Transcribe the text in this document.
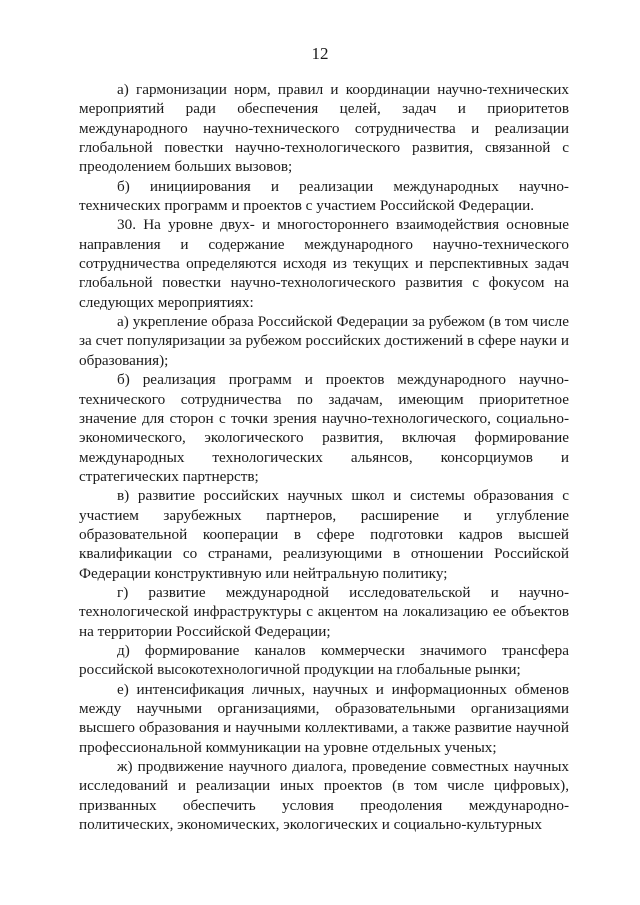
12

а) гармонизации норм, правил и координации научно-технических мероприятий ради обеспечения целей, задач и приоритетов международного научно-технического сотрудничества и реализации глобальной повестки научно-технологического развития, связанной с преодолением больших вызовов;

б) инициирования и реализации международных научно-технических программ и проектов с участием Российской Федерации.

30. На уровне двух- и многостороннего взаимодействия основные направления и содержание международного научно-технического сотрудничества определяются исходя из текущих и перспективных задач глобальной повестки научно-технологического развития с фокусом на следующих мероприятиях:

а) укрепление образа Российской Федерации за рубежом (в том числе за счет популяризации за рубежом российских достижений в сфере науки и образования);

б) реализация программ и проектов международного научно-технического сотрудничества по задачам, имеющим приоритетное значение для сторон с точки зрения научно-технологического, социально-экономического, экологического развития, включая формирование международных технологических альянсов, консорциумов и стратегических партнерств;

в) развитие российских научных школ и системы образования с участием зарубежных партнеров, расширение и углубление образовательной кооперации в сфере подготовки кадров высшей квалификации со странами, реализующими в отношении Российской Федерации конструктивную или нейтральную политику;

г) развитие международной исследовательской и научно-технологической инфраструктуры с акцентом на локализацию ее объектов на территории Российской Федерации;

д) формирование каналов коммерчески значимого трансфера российской высокотехнологичной продукции на глобальные рынки;

е) интенсификация личных, научных и информационных обменов между научными организациями, образовательными организациями высшего образования и научными коллективами, а также развитие научной профессиональной коммуникации на уровне отдельных ученых;

ж) продвижение научного диалога, проведение совместных научных исследований и реализации иных проектов (в том числе цифровых), призванных обеспечить условия преодоления международно-политических, экономических, экологических и социально-культурных
